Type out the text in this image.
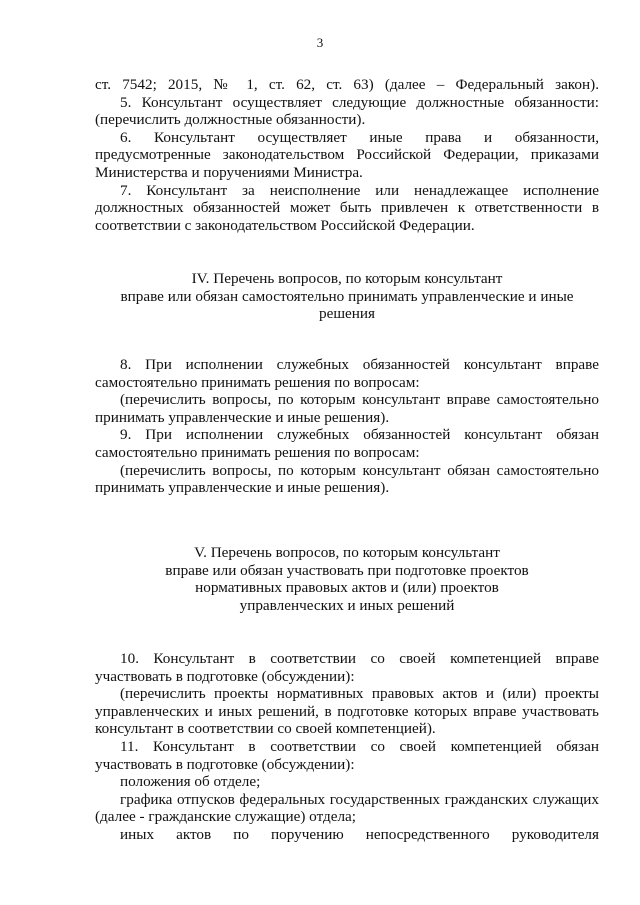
3

ст. 7542; 2015, № 1, ст. 62, ст. 63) (далее – Федеральный закон).

5. Консультант осуществляет следующие должностные обязанности:

(перечислить должностные обязанности).

6. Консультант осуществляет иные права и обязанности,

предусмотренные законодательством Российской Федерации, приказами

Министерства и поручениями Министра.

7. Консультант за неисполнение или ненадлежащее исполнение

должностных обязанностей может быть привлечен к ответственности в

соответствии с законодательством Российской Федерации.

IV. Перечень вопросов, по которым консультант
вправе или обязан самостоятельно принимать управленческие и иные
решения

8. При исполнении служебных обязанностей консультант вправе

самостоятельно принимать решения по вопросам:

(перечислить вопросы, по которым консультант вправе самостоятельно

принимать управленческие и иные решения).

9. При исполнении служебных обязанностей консультант обязан

самостоятельно принимать решения по вопросам:

(перечислить вопросы, по которым консультант обязан самостоятельно

принимать управленческие и иные решения).

V. Перечень вопросов, по которым консультант
вправе или обязан участвовать при подготовке проектов
нормативных правовых актов и (или) проектов
управленческих и иных решений

10. Консультант в соответствии со своей компетенцией вправе

участвовать в подготовке (обсуждении):

(перечислить проекты нормативных правовых актов и (или) проекты

управленческих и иных решений, в подготовке которых вправе участвовать

консультант в соответствии со своей компетенцией).

11. Консультант в соответствии со своей компетенцией обязан

участвовать в подготовке (обсуждении):

положения об отделе;

графика отпусков федеральных государственных гражданских служащих

(далее - гражданские служащие) отдела;

иных актов по поручению непосредственного руководителя
